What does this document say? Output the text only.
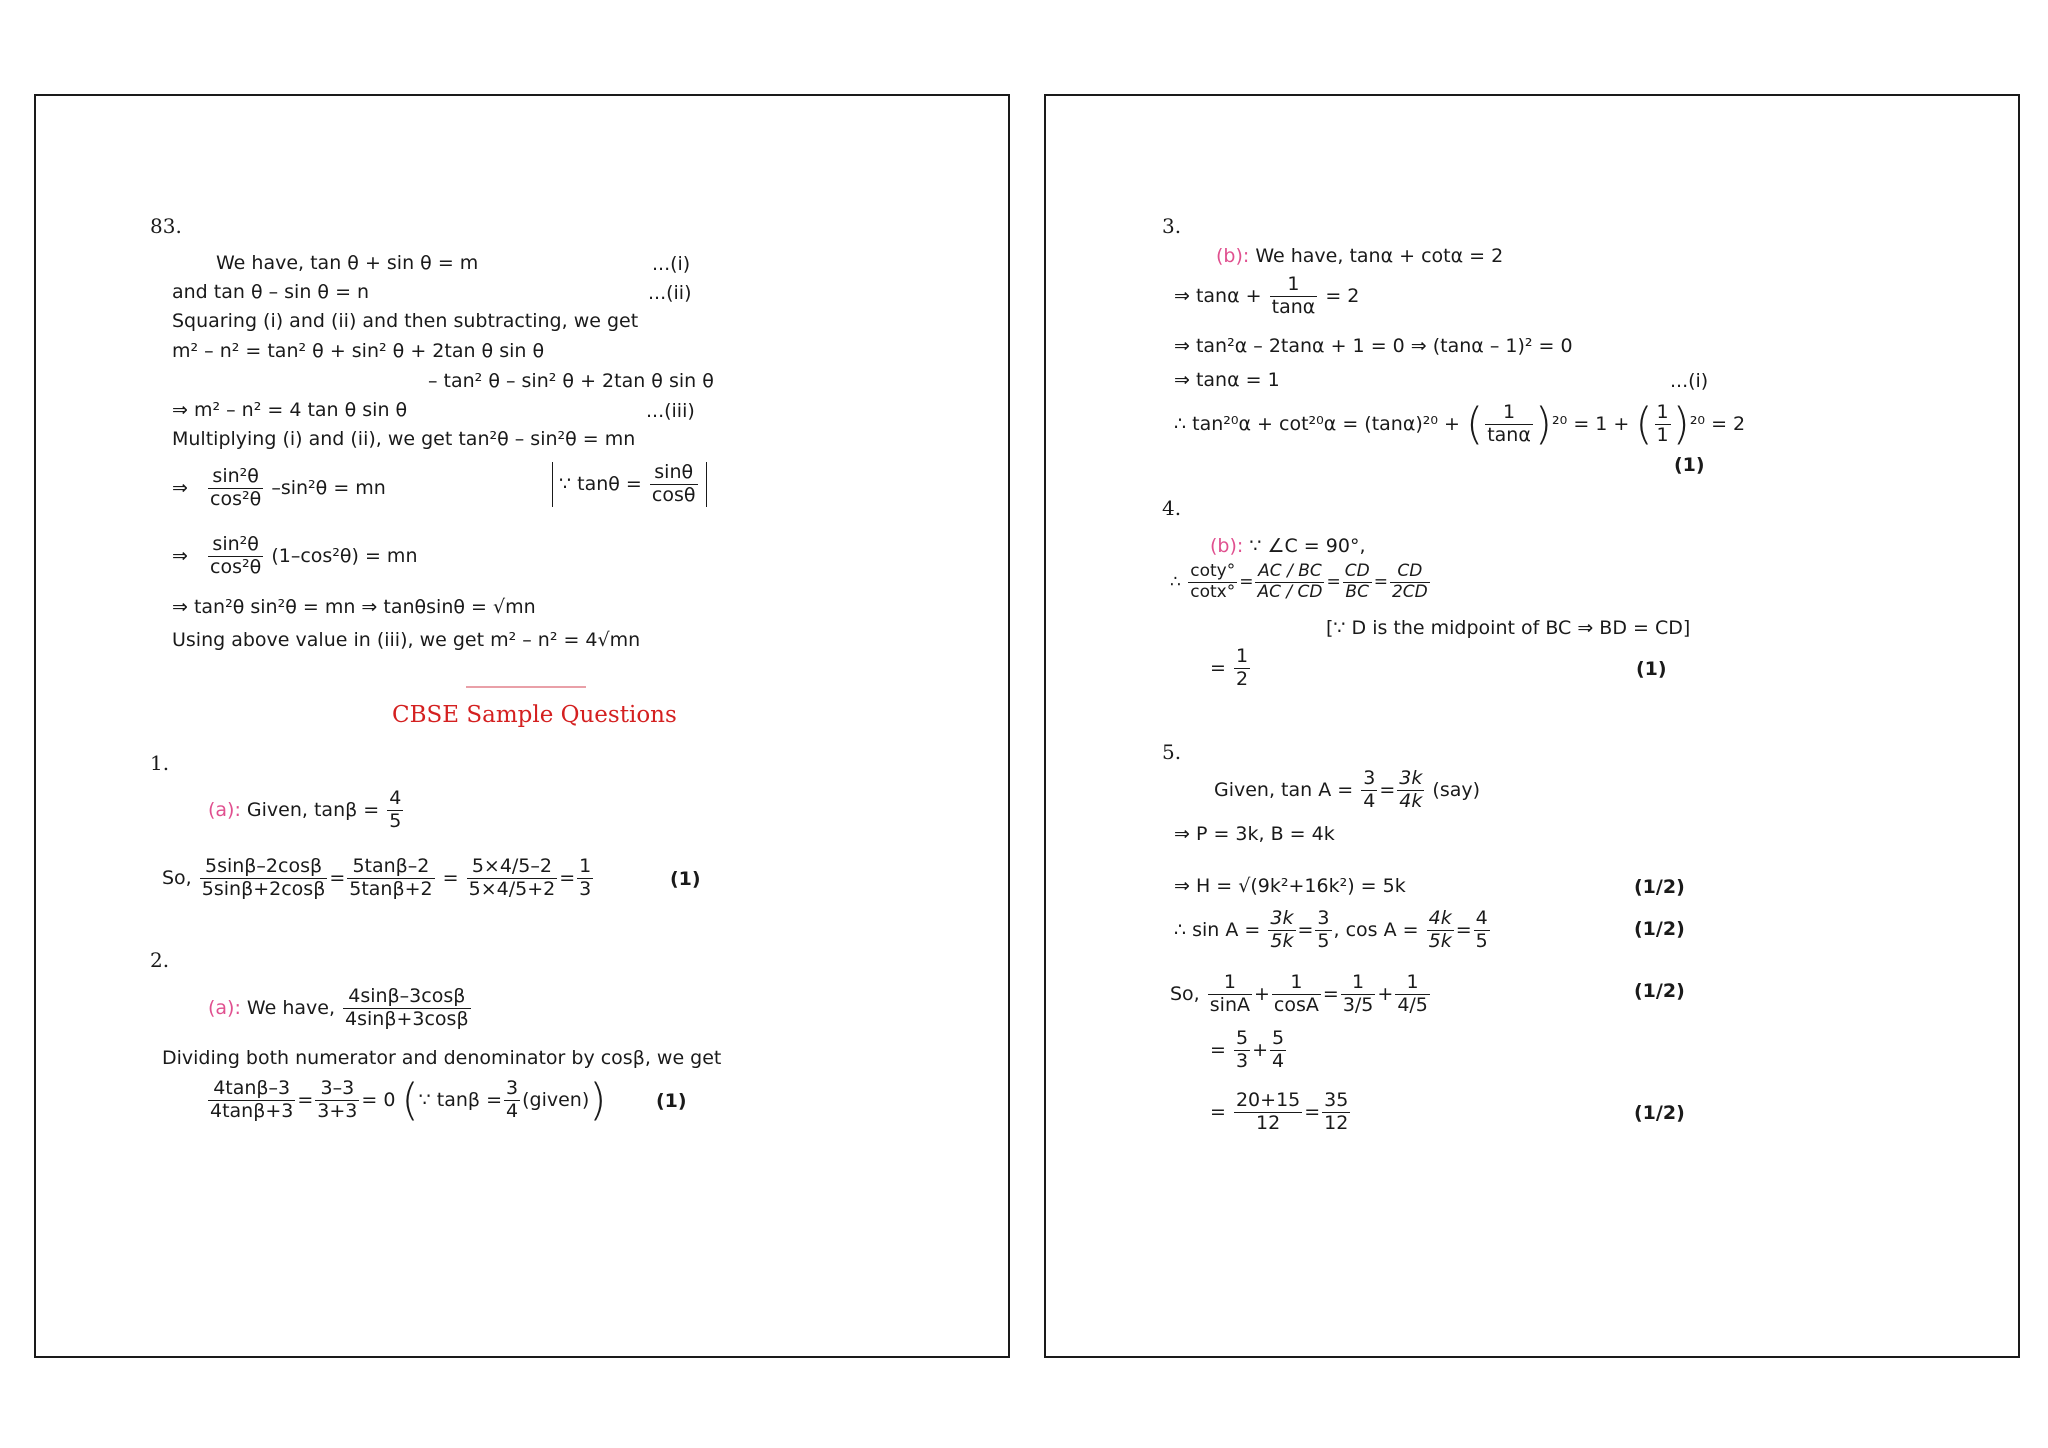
83.
We have, tan θ + sin θ = m	...(i)
and tan θ – sin θ = n	...(ii)
Squaring (i) and (ii) and then subtracting, we get
m² – n² = tan² θ + sin² θ + 2tan θ sin θ
– tan² θ – sin² θ + 2tan θ sin θ
⇒ m² – n² = 4 tan θ sin θ	...(iii)
Multiplying (i) and (ii), we get tan²θ – sin²θ = mn
⇒ $\frac{\text{sin²θ}}{\text{cos²θ}} -\sin^2\theta$ = mn	∵ $\tan\theta = \frac{\sin\theta}{\cos\theta}$
⇒ $\frac{\text{sin²θ}}{\text{cos²θ}} (1-\cos^2\theta)$ = mn
⇒ tan²θ sin²θ = mn ⇒ tanθsinθ = √mn
Using above value in (iii), we get m² – n² = 4√mn
CBSE Sample Questions
1.
(a): Given, $\tan\beta = \frac{4}{5}$
So, $\frac{5\sin\beta-2\cos\beta}{5\sin\beta+2\cos\beta} = \frac{5\tan\beta-2}{5\tan\beta+2} = \frac{5\times 4/5-2}{5\times 4/5+2} = \frac{1}{3}$	(1)
2.
(a): We have, $\frac{4\sin\beta-3\cos\beta}{4\sin\beta+3\cos\beta}$
Dividing both numerator and denominator by cosβ, we get
$\frac{4\tan\beta-3}{4\tan\beta+3} = \frac{3-3}{3+3} = 0$ (∵ $\tan\beta = \frac{3}{4}$ (given))	(1)
3.
(b): We have, tanα + cotα = 2
⇒ $\tan\alpha + \frac{1}{\tan\alpha} = 2$
⇒ tan²α – 2tanα + 1 = 0 ⇒ (tanα – 1)² = 0
⇒ tanα = 1	...(i)
∴ tan²⁰α + cot²⁰α = (tanα)²⁰ + ( $\frac{1}{\tan\alpha} )^{20} = 1$ + ( $\frac{1}{1} )^{20} = 2$
(1)
4.
(b): ∵ ∠C = 90°,
∴ $\frac{\cot y^\circ}{\cot x^\circ} = \frac{AC / BC}{AC / CD} = \frac{CD}{BC} = \frac{CD}{2CD}$
[∵ D is the midpoint of BC ⇒ BD = CD]
= $\frac{1}{2}$	(1)
5.
Given, $\tan A = \frac{3}{4} = \frac{3k}{4k} (say)$
⇒ P = 3k, B = 4k
⇒ H = √(9k²+16k²) = 5k	(1/2)
∴ $\sin A = \frac{3k}{5k} = \frac{3}{5}$ , $\cos A = \frac{4k}{5k} = \frac{4}{5}$	(1/2)
So, $\frac{1}{\sin A} + \frac{1}{\cos A} = \frac{1}{3/5} + \frac{1}{4/5}$	(1/2)
= $\frac{5}{3} + \frac{5}{4}$
= $\frac{20+15}{12} = \frac{35}{12}$	(1/2)
